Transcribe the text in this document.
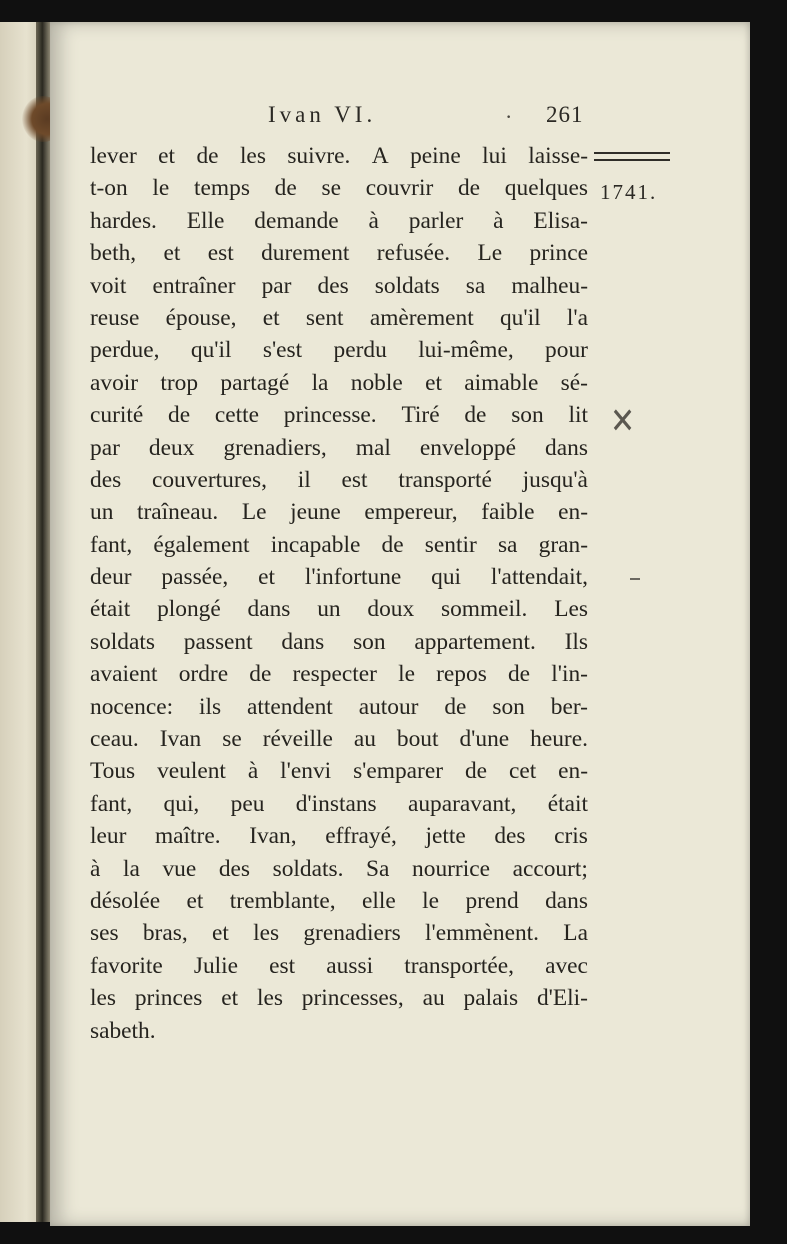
Ivan VI.	· 261
1741.
✕
lever et de les suivre. A peine lui laisse-
t-on le temps de se couvrir de quelques
hardes. Elle demande à parler à Elisa-
beth, et est durement refusée. Le prince
voit entraîner par des soldats sa malheu-
reuse épouse, et sent amèrement qu'il l'a
perdue, qu'il s'est perdu lui-même, pour
avoir trop partagé la noble et aimable sé-
curité de cette princesse. Tiré de son lit
par deux grenadiers, mal enveloppé dans
des couvertures, il est transporté jusqu'à
un traîneau. Le jeune empereur, faible en-
fant, également incapable de sentir sa gran-
deur passée, et l'infortune qui l'attendait,
était plongé dans un doux sommeil. Les
soldats passent dans son appartement. Ils
avaient ordre de respecter le repos de l'in-
nocence: ils attendent autour de son ber-
ceau. Ivan se réveille au bout d'une heure.
Tous veulent à l'envi s'emparer de cet en-
fant, qui, peu d'instans auparavant, était
leur maître. Ivan, effrayé, jette des cris
à la vue des soldats. Sa nourrice accourt;
désolée et tremblante, elle le prend dans
ses bras, et les grenadiers l'emmènent. La
favorite Julie est aussi transportée, avec
les princes et les princesses, au palais d'Eli-
sabeth.
